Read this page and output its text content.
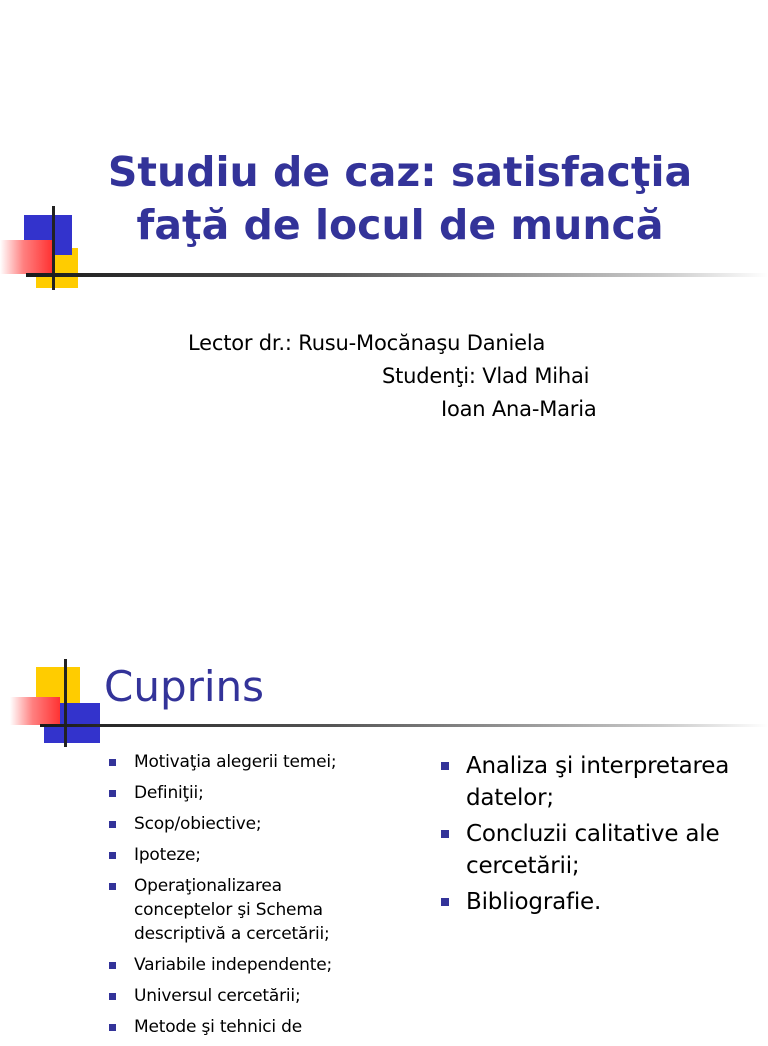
Studiu de caz: satisfacţia
faţă de locul de muncă
Lector dr.: Rusu-Mocănaşu Daniela
Studenţi: Vlad Mihai
Ioan Ana-Maria
Cuprins
Motivaţia alegerii temei;
Definiţii;
Scop/obiective;
Ipoteze;
Operaţionalizarea conceptelor şi Schema descriptivă a cercetării;
Variabile independente;
Universul cercetării;
Metode şi tehnici de
Analiza şi interpretarea datelor;
Concluzii calitative ale cercetării;
Bibliografie.
